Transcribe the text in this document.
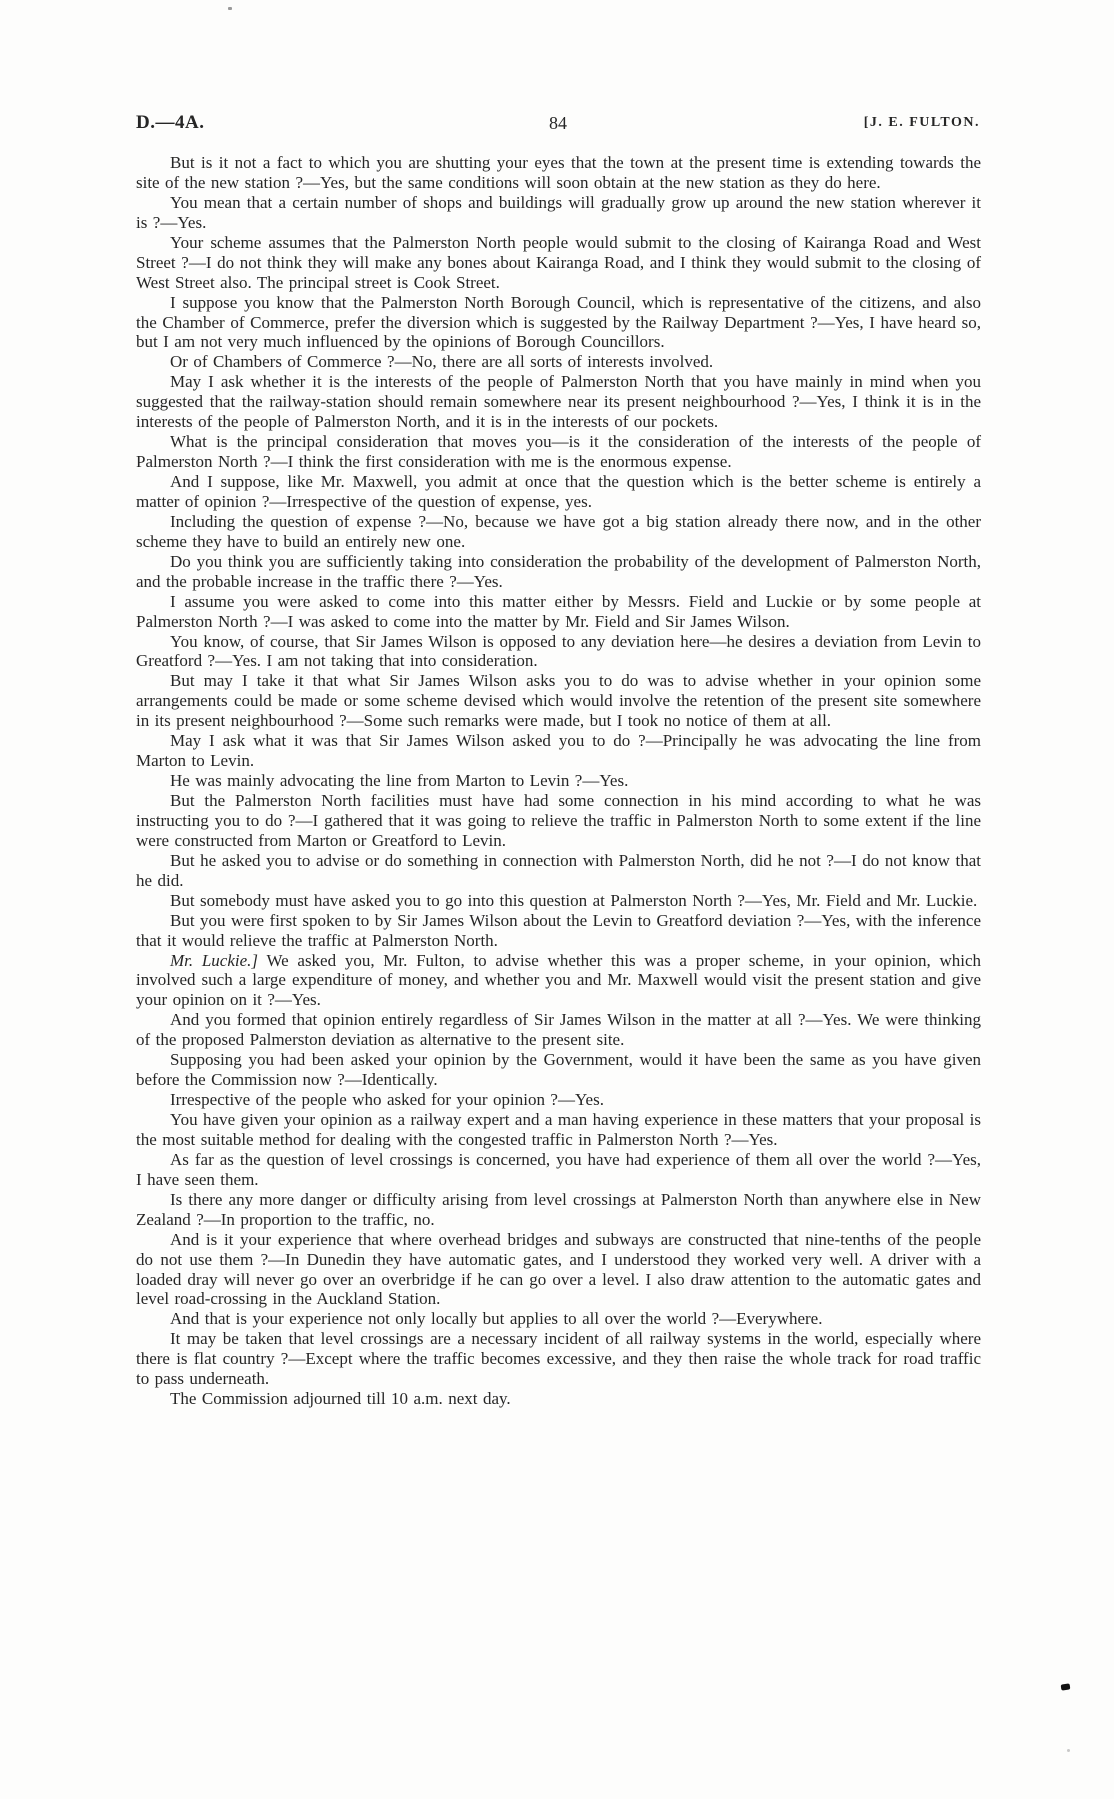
D.—4A.	84	[J. E. FULTON.

But is it not a fact to which you are shutting your eyes that the town at the present time is extending towards the site of the new station ?—Yes, but the same conditions will soon obtain at the new station as they do here.

You mean that a certain number of shops and buildings will gradually grow up around the new station wherever it is ?—Yes.

Your scheme assumes that the Palmerston North people would submit to the closing of Kairanga Road and West Street ?—I do not think they will make any bones about Kairanga Road, and I think they would submit to the closing of West Street also. The principal street is Cook Street.

I suppose you know that the Palmerston North Borough Council, which is representative of the citizens, and also the Chamber of Commerce, prefer the diversion which is suggested by the Railway Department ?—Yes, I have heard so, but I am not very much influenced by the opinions of Borough Councillors.

Or of Chambers of Commerce ?—No, there are all sorts of interests involved.

May I ask whether it is the interests of the people of Palmerston North that you have mainly in mind when you suggested that the railway-station should remain somewhere near its present neighbourhood ?—Yes, I think it is in the interests of the people of Palmerston North, and it is in the interests of our pockets.

What is the principal consideration that moves you—is it the consideration of the interests of the people of Palmerston North ?—I think the first consideration with me is the enormous expense.

And I suppose, like Mr. Maxwell, you admit at once that the question which is the better scheme is entirely a matter of opinion ?—Irrespective of the question of expense, yes.

Including the question of expense ?—No, because we have got a big station already there now, and in the other scheme they have to build an entirely new one.

Do you think you are sufficiently taking into consideration the probability of the development of Palmerston North, and the probable increase in the traffic there ?—Yes.

I assume you were asked to come into this matter either by Messrs. Field and Luckie or by some people at Palmerston North ?—I was asked to come into the matter by Mr. Field and Sir James Wilson.

You know, of course, that Sir James Wilson is opposed to any deviation here—he desires a deviation from Levin to Greatford ?—Yes. I am not taking that into consideration.

But may I take it that what Sir James Wilson asks you to do was to advise whether in your opinion some arrangements could be made or some scheme devised which would involve the retention of the present site somewhere in its present neighbourhood ?—Some such remarks were made, but I took no notice of them at all.

May I ask what it was that Sir James Wilson asked you to do ?—Principally he was advocating the line from Marton to Levin.

He was mainly advocating the line from Marton to Levin ?—Yes.

But the Palmerston North facilities must have had some connection in his mind according to what he was instructing you to do ?—I gathered that it was going to relieve the traffic in Palmerston North to some extent if the line were constructed from Marton or Greatford to Levin.

But he asked you to advise or do something in connection with Palmerston North, did he not ?—I do not know that he did.

But somebody must have asked you to go into this question at Palmerston North ?—Yes, Mr. Field and Mr. Luckie.

But you were first spoken to by Sir James Wilson about the Levin to Greatford deviation ?—Yes, with the inference that it would relieve the traffic at Palmerston North.

Mr. Luckie.] We asked you, Mr. Fulton, to advise whether this was a proper scheme, in your opinion, which involved such a large expenditure of money, and whether you and Mr. Maxwell would visit the present station and give your opinion on it ?—Yes.

And you formed that opinion entirely regardless of Sir James Wilson in the matter at all ?—Yes. We were thinking of the proposed Palmerston deviation as alternative to the present site.

Supposing you had been asked your opinion by the Government, would it have been the same as you have given before the Commission now ?—Identically.

Irrespective of the people who asked for your opinion ?—Yes.

You have given your opinion as a railway expert and a man having experience in these matters that your proposal is the most suitable method for dealing with the congested traffic in Palmerston North ?—Yes.

As far as the question of level crossings is concerned, you have had experience of them all over the world ?—Yes, I have seen them.

Is there any more danger or difficulty arising from level crossings at Palmerston North than anywhere else in New Zealand ?—In proportion to the traffic, no.

And is it your experience that where overhead bridges and subways are constructed that nine-tenths of the people do not use them ?—In Dunedin they have automatic gates, and I understood they worked very well. A driver with a loaded dray will never go over an overbridge if he can go over a level. I also draw attention to the automatic gates and level road-crossing in the Auckland Station.

And that is your experience not only locally but applies to all over the world ?—Everywhere.

It may be taken that level crossings are a necessary incident of all railway systems in the world, especially where there is flat country ?—Except where the traffic becomes excessive, and they then raise the whole track for road traffic to pass underneath.

The Commission adjourned till 10 a.m. next day.
